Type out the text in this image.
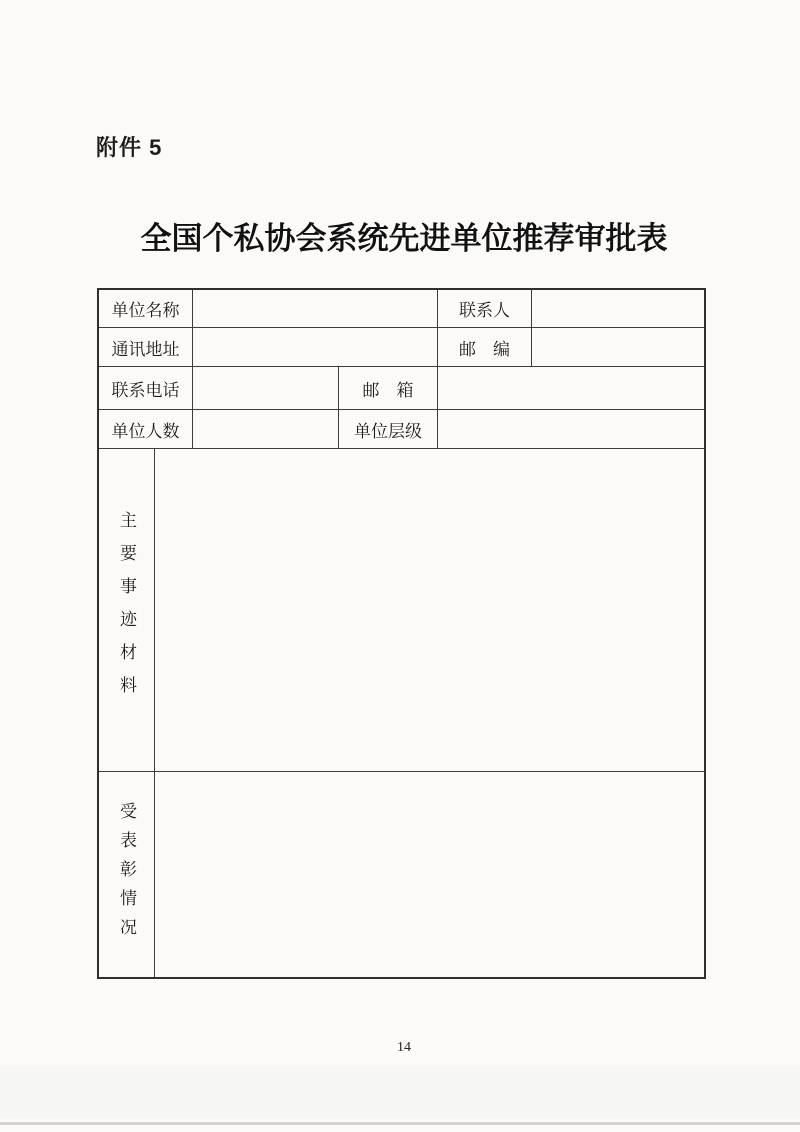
附件 5
全国个私协会系统先进单位推荐审批表
单位名称	联系人
通讯地址	邮　编
联系电话	邮　箱
单位人数	单位层级
主要事迹材料
受表彰情况
14
